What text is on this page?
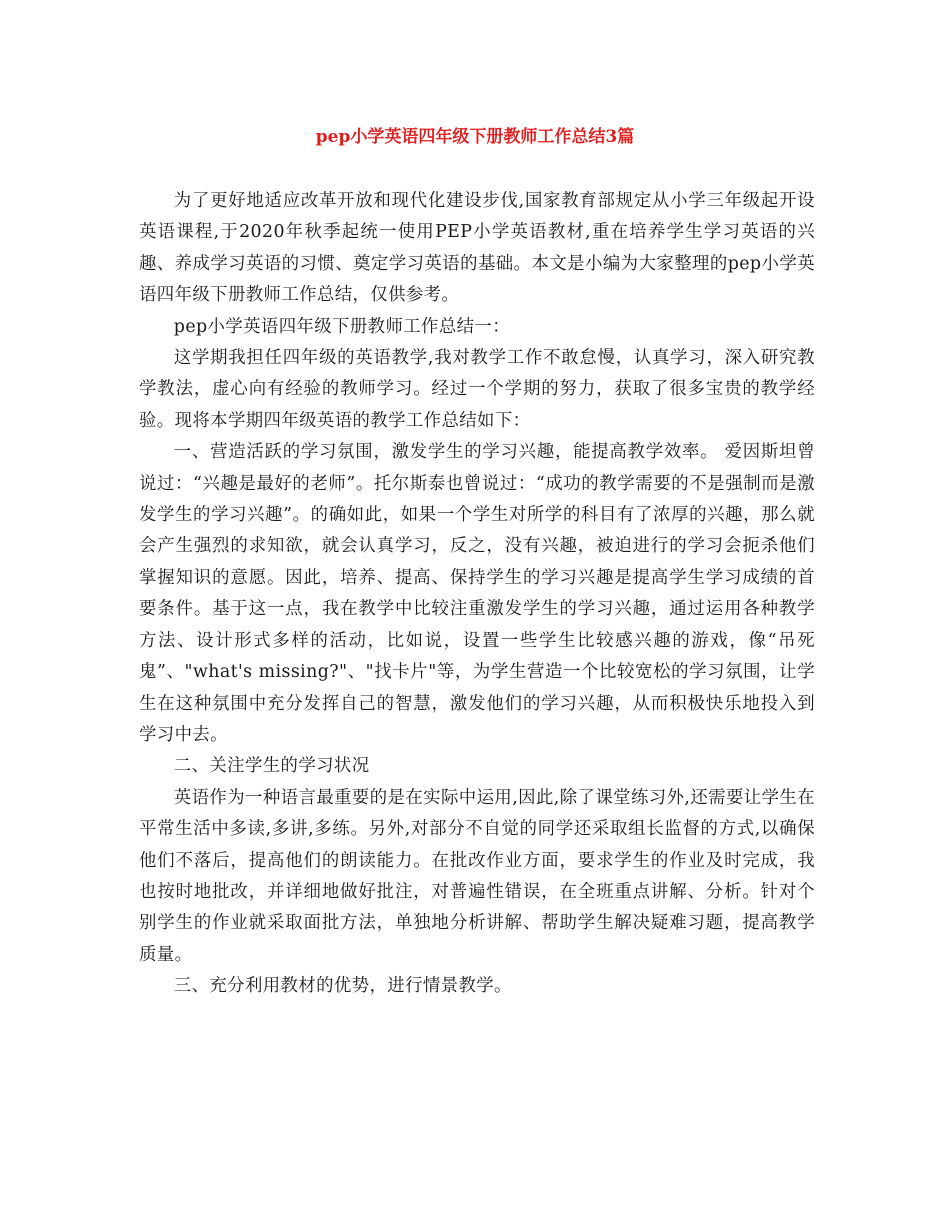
pep小学英语四年级下册教师工作总结3篇

为了更好地适应改革开放和现代化建设步伐,国家教育部规定从小学三年级起开设英语课程,于2020年秋季起统一使用PEP小学英语教材,重在培养学生学习英语的兴趣、养成学习英语的习惯、奠定学习英语的基础。本文是小编为大家整理的pep小学英语四年级下册教师工作总结，仅供参考。

pep小学英语四年级下册教师工作总结一：

这学期我担任四年级的英语教学,我对教学工作不敢怠慢，认真学习，深入研究教学教法，虚心向有经验的教师学习。经过一个学期的努力，获取了很多宝贵的教学经验。现将本学期四年级英语的教学工作总结如下：

一、营造活跃的学习氛围，激发学生的学习兴趣，能提高教学效率。 爱因斯坦曾说过：“兴趣是最好的老师”。托尔斯泰也曾说过：“成功的教学需要的不是强制而是激发学生的学习兴趣”。的确如此，如果一个学生对所学的科目有了浓厚的兴趣，那么就会产生强烈的求知欲，就会认真学习，反之，没有兴趣，被迫进行的学习会扼杀他们掌握知识的意愿。因此，培养、提高、保持学生的学习兴趣是提高学生学习成绩的首要条件。基于这一点，我在教学中比较注重激发学生的学习兴趣，通过运用各种教学方法、设计形式多样的活动，比如说，设置一些学生比较感兴趣的游戏，像“吊死鬼”、"what's missing?"、"找卡片"等，为学生营造一个比较宽松的学习氛围，让学生在这种氛围中充分发挥自己的智慧，激发他们的学习兴趣，从而积极快乐地投入到学习中去。

二、关注学生的学习状况

英语作为一种语言最重要的是在实际中运用,因此,除了课堂练习外,还需要让学生在平常生活中多读,多讲,多练。另外,对部分不自觉的同学还采取组长监督的方式,以确保他们不落后，提高他们的朗读能力。在批改作业方面，要求学生的作业及时完成，我也按时地批改，并详细地做好批注，对普遍性错误，在全班重点讲解、分析。针对个别学生的作业就采取面批方法，单独地分析讲解、帮助学生解决疑难习题，提高教学质量。

三、充分利用教材的优势，进行情景教学。
